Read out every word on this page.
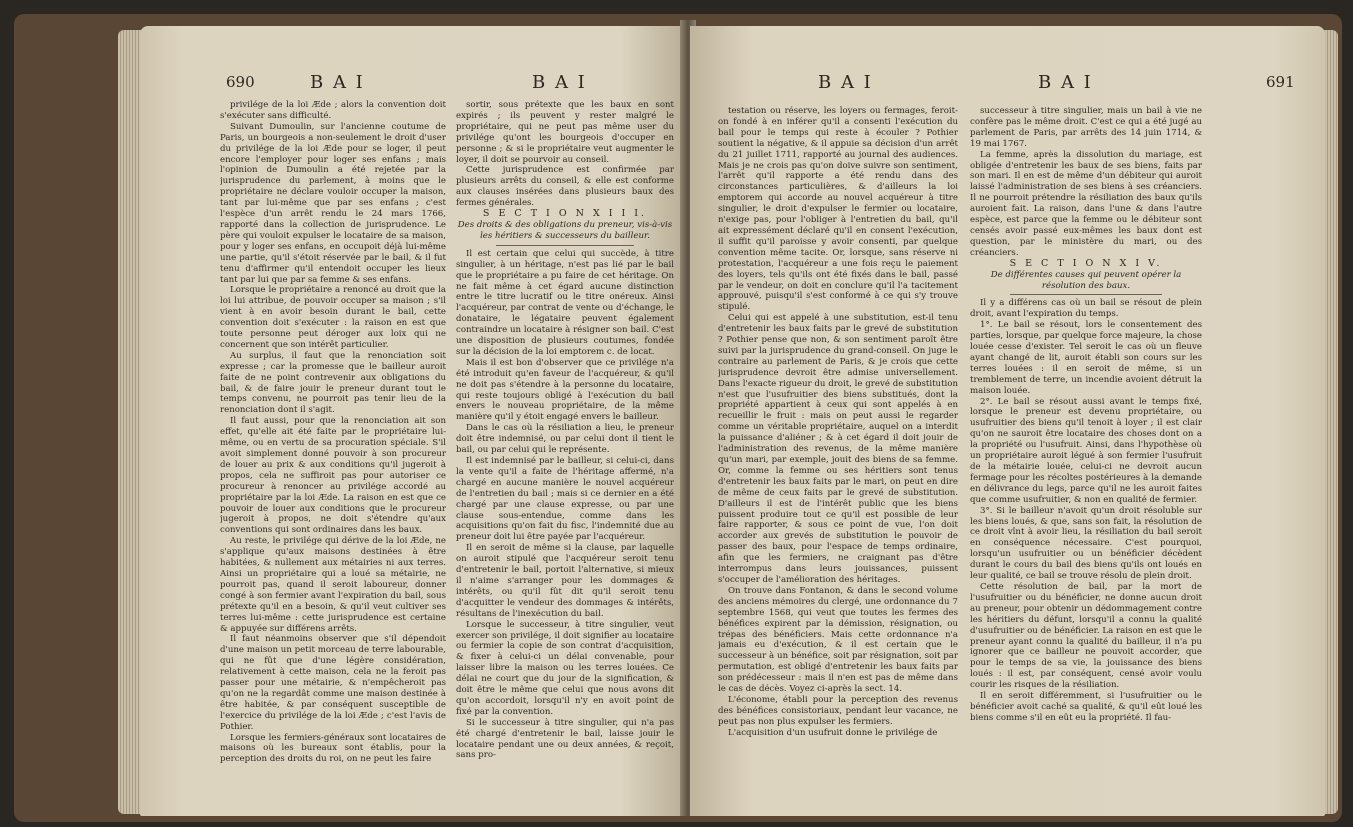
690	B A I	B A I

privilége de la loi Æde ; alors la convention doit s'exécuter sans difficulté.

Suivant Dumoulin, sur l'ancienne coutume de Paris, un bourgeois a non-seulement le droit d'user du privilége de la loi Æde pour se loger, il peut encore l'employer pour loger ses enfans ; mais l'opinion de Dumoulin a été rejetée par la jurisprudence du parlement, à moins que le propriétaire ne déclare vouloir occuper la maison, tant par lui-même que par ses enfans ; c'est l'espèce d'un arrêt rendu le 24 mars 1766, rapporté dans la collection de jurisprudence. Le père qui vouloit expulser le locataire de sa maison, pour y loger ses enfans, en occupoit déjà lui-même une partie, qu'il s'étoit réservée par le bail, & il fut tenu d'affirmer qu'il entendoit occuper les lieux tant par lui que par sa femme & ses enfans.

Lorsque le propriétaire a renoncé au droit que la loi lui attribue, de pouvoir occuper sa maison ; s'il vient à en avoir besoin durant le bail, cette convention doit s'exécuter : la raison en est que toute personne peut déroger aux loix qui ne concernent que son intérêt particulier.

Au surplus, il faut que la renonciation soit expresse ; car la promesse que le bailleur auroit faite de ne point contrevenir aux obligations du bail, & de faire jouir le preneur durant tout le temps convenu, ne pourroit pas tenir lieu de la renonciation dont il s'agit.

Il faut aussi, pour que la renonciation ait son effet, qu'elle ait été faite par le propriétaire lui-même, ou en vertu de sa procuration spéciale. S'il avoit simplement donné pouvoir à son procureur de louer au prix & aux conditions qu'il jugeroit à propos, cela ne suffiroit pas pour autoriser ce procureur à renoncer au privilége accordé au propriétaire par la loi Æde. La raison en est que ce pouvoir de louer aux conditions que le procureur jugeroit à propos, ne doit s'étendre qu'aux conventions qui sont ordinaires dans les baux.

Au reste, le privilége qui dérive de la loi Æde, ne s'applique qu'aux maisons destinées à être habitées, & nullement aux métairies ni aux terres. Ainsi un propriétaire qui a loué sa métairie, ne pourroit pas, quand il seroit laboureur, donner congé à son fermier avant l'expiration du bail, sous prétexte qu'il en a besoin, & qu'il veut cultiver ses terres lui-même : cette jurisprudence est certaine & appuyée sur différens arrêts.

Il faut néanmoins observer que s'il dépendoit d'une maison un petit morceau de terre labourable, qui ne fût que d'une légère considération, relativement à cette maison, cela ne la feroit pas passer pour une métairie, & n'empêcheroit pas qu'on ne la regardât comme une maison destinée à être habitée, & par conséquent susceptible de l'exercice du privilége de la loi Æde ; c'est l'avis de Pothier.

Lorsque les fermiers-généraux sont locataires de maisons où les bureaux sont établis, pour la perception des droits du roi, on ne peut les faire

sortir, sous prétexte que les baux en sont expirés ; ils peuvent y rester malgré le propriétaire, qui ne peut pas même user du privilége qu'ont les bourgeois d'occuper en personne ; & si le propriétaire veut augmenter le loyer, il doit se pourvoir au conseil.

Cette jurisprudence est confirmée par plusieurs arrêts du conseil, & elle est conforme aux clauses insérées dans plusieurs baux des fermes générales.

S E C T I O N X I I I.

Des droits & des obligations du preneur, vis-à-vis les héritiers & successeurs du bailleur.

Il est certain que celui qui succède, à titre singulier, à un héritage, n'est pas lié par le bail que le propriétaire a pu faire de cet héritage. On ne fait même à cet égard aucune distinction entre le titre lucratif ou le titre onéreux. Ainsi l'acquéreur, par contrat de vente ou d'échange, le donataire, le légataire peuvent également contraindre un locataire à résigner son bail. C'est une disposition de plusieurs coutumes, fondée sur la décision de la loi emptorem c. de locat.

Mais il est bon d'observer que ce privilége n'a été introduit qu'en faveur de l'acquéreur, & qu'il ne doit pas s'étendre à la personne du locataire, qui reste toujours obligé à l'exécution du bail envers le nouveau propriétaire, de la même manière qu'il y étoit engagé envers le bailleur.

Dans le cas où la résiliation a lieu, le preneur doit être indemnisé, ou par celui dont il tient le bail, ou par celui qui le représente.

Il est indemnisé par le bailleur, si celui-ci, dans la vente qu'il a faite de l'héritage affermé, n'a chargé en aucune manière le nouvel acquéreur de l'entretien du bail ; mais si ce dernier en a été chargé par une clause expresse, ou par une clause sous-entendue, comme dans les acquisitions qu'on fait du fisc, l'indemnité due au preneur doit lui être payée par l'acquéreur.

Il en seroit de même si la clause, par laquelle on auroit stipulé que l'acquéreur seroit tenu d'entretenir le bail, portoit l'alternative, si mieux il n'aime s'arranger pour les dommages & intérêts, ou qu'il fût dit qu'il seroit tenu d'acquitter le vendeur des dommages & intérêts, résultans de l'inexécution du bail.

Lorsque le successeur, à titre singulier, veut exercer son privilége, il doit signifier au locataire ou fermier la copie de son contrat d'acquisition, & fixer à celui-ci un délai convenable, pour laisser libre la maison ou les terres louées. Ce délai ne court que du jour de la signification, & doit être le même que celui que nous avons dit qu'on accordoit, lorsqu'il n'y en avoit point de fixé par la convention.

Si le successeur à titre singulier, qui n'a pas été chargé d'entretenir le bail, laisse jouir le locataire pendant une ou deux années, & reçoit, sans pro-

B A I	B A I	691

testation ou réserve, les loyers ou fermages, feroit-on fondé à en inférer qu'il a consenti l'exécution du bail pour le temps qui reste à écouler ? Pothier soutient la négative, & il appuie sa décision d'un arrêt du 21 juillet 1711, rapporté au journal des audiences. Mais je ne crois pas qu'on doive suivre son sentiment, l'arrêt qu'il rapporte a été rendu dans des circonstances particulières, & d'ailleurs la loi emptorem qui accorde au nouvel acquéreur à titre singulier, le droit d'expulser le fermier ou locataire, n'exige pas, pour l'obliger à l'entretien du bail, qu'il ait expressément déclaré qu'il en consent l'exécution, il suffit qu'il paroisse y avoir consenti, par quelque convention même tacite. Or, lorsque, sans réserve ni protestation, l'acquéreur a une fois reçu le paiement des loyers, tels qu'ils ont été fixés dans le bail, passé par le vendeur, on doit en conclure qu'il l'a tacitement approuvé, puisqu'il s'est conformé à ce qui s'y trouve stipulé.

Celui qui est appelé à une substitution, est-il tenu d'entretenir les baux faits par le grevé de substitution ? Pothier pense que non, & son sentiment paroît être suivi par la jurisprudence du grand-conseil. On juge le contraire au parlement de Paris, & je crois que cette jurisprudence devroit être admise universellement. Dans l'exacte rigueur du droit, le grevé de substitution n'est que l'usufruitier des biens substitués, dont la propriété appartient à ceux qui sont appelés à en recueillir le fruit : mais on peut aussi le regarder comme un véritable propriétaire, auquel on a interdit la puissance d'aliéner ; & à cet égard il doit jouir de l'administration des revenus, de la même manière qu'un mari, par exemple, jouit des biens de sa femme. Or, comme la femme ou ses héritiers sont tenus d'entretenir les baux faits par le mari, on peut en dire de même de ceux faits par le grevé de substitution. D'ailleurs il est de l'intérêt public que les biens puissent produire tout ce qu'il est possible de leur faire rapporter, & sous ce point de vue, l'on doit accorder aux grevés de substitution le pouvoir de passer des baux, pour l'espace de temps ordinaire, afin que les fermiers, ne craignant pas d'être interrompus dans leurs jouissances, puissent s'occuper de l'amélioration des héritages.

On trouve dans Fontanon, & dans le second volume des anciens mémoires du clergé, une ordonnance du 7 septembre 1568, qui veut que toutes les fermes des bénéfices expirent par la démission, résignation, ou trépas des bénéficiers. Mais cette ordonnance n'a jamais eu d'exécution, & il est certain que le successeur à un bénéfice, soit par résignation, soit par permutation, est obligé d'entretenir les baux faits par son prédécesseur : mais il n'en est pas de même dans le cas de décès. Voyez ci-après la sect. 14.

L'économe, établi pour la perception des revenus des bénéfices consistoriaux, pendant leur vacance, ne peut pas non plus expulser les fermiers.

L'acquisition d'un usufruit donne le privilége de

successeur à titre singulier, mais un bail à vie ne confère pas le même droit. C'est ce qui a été jugé au parlement de Paris, par arrêts des 14 juin 1714, & 19 mai 1767.

La femme, après la dissolution du mariage, est obligée d'entretenir les baux de ses biens, faits par son mari. Il en est de même d'un débiteur qui auroit laissé l'administration de ses biens à ses créanciers. Il ne pourroit prétendre la résiliation des baux qu'ils auroient fait. La raison, dans l'une & dans l'autre espèce, est parce que la femme ou le débiteur sont censés avoir passé eux-mêmes les baux dont est question, par le ministère du mari, ou des créanciers.

S E C T I O N X I V.

De différentes causes qui peuvent opérer la résolution des baux.

Il y a différens cas où un bail se résout de plein droit, avant l'expiration du temps.

1°. Le bail se résout, lors le consentement des parties, lorsque, par quelque force majeure, la chose louée cesse d'exister. Tel seroit le cas où un fleuve ayant changé de lit, auroit établi son cours sur les terres louées : il en seroit de même, si un tremblement de terre, un incendie avoient détruit la maison louée.

2°. Le bail se résout aussi avant le temps fixé, lorsque le preneur est devenu propriétaire, ou usufruitier des biens qu'il tenoit à loyer ; il est clair qu'on ne sauroit être locataire des choses dont on a la propriété ou l'usufruit. Ainsi, dans l'hypothèse où un propriétaire auroit légué à son fermier l'usufruit de la métairie louée, celui-ci ne devroit aucun fermage pour les récoltes postérieures à la demande en délivrance du legs, parce qu'il ne les auroit faites que comme usufruitier, & non en qualité de fermier.

3°. Si le bailleur n'avoit qu'un droit résoluble sur les biens loués, & que, sans son fait, la résolution de ce droit vînt à avoir lieu, la résiliation du bail seroit en conséquence nécessaire. C'est pourquoi, lorsqu'un usufruitier ou un bénéficier décèdent durant le cours du bail des biens qu'ils ont loués en leur qualité, ce bail se trouve résolu de plein droit.

Cette résolution de bail, par la mort de l'usufruitier ou du bénéficier, ne donne aucun droit au preneur, pour obtenir un dédommagement contre les héritiers du défunt, lorsqu'il a connu la qualité d'usufruitier ou de bénéficier. La raison en est que le preneur ayant connu la qualité du bailleur, il n'a pu ignorer que ce bailleur ne pouvoit accorder, que pour le temps de sa vie, la jouissance des biens loués : il est, par conséquent, censé avoir voulu courir les risques de la résiliation.

Il en seroit différemment, si l'usufruitier ou le bénéficier avoit caché sa qualité, & qu'il eût loué les biens comme s'il en eût eu la propriété. Il fau-
